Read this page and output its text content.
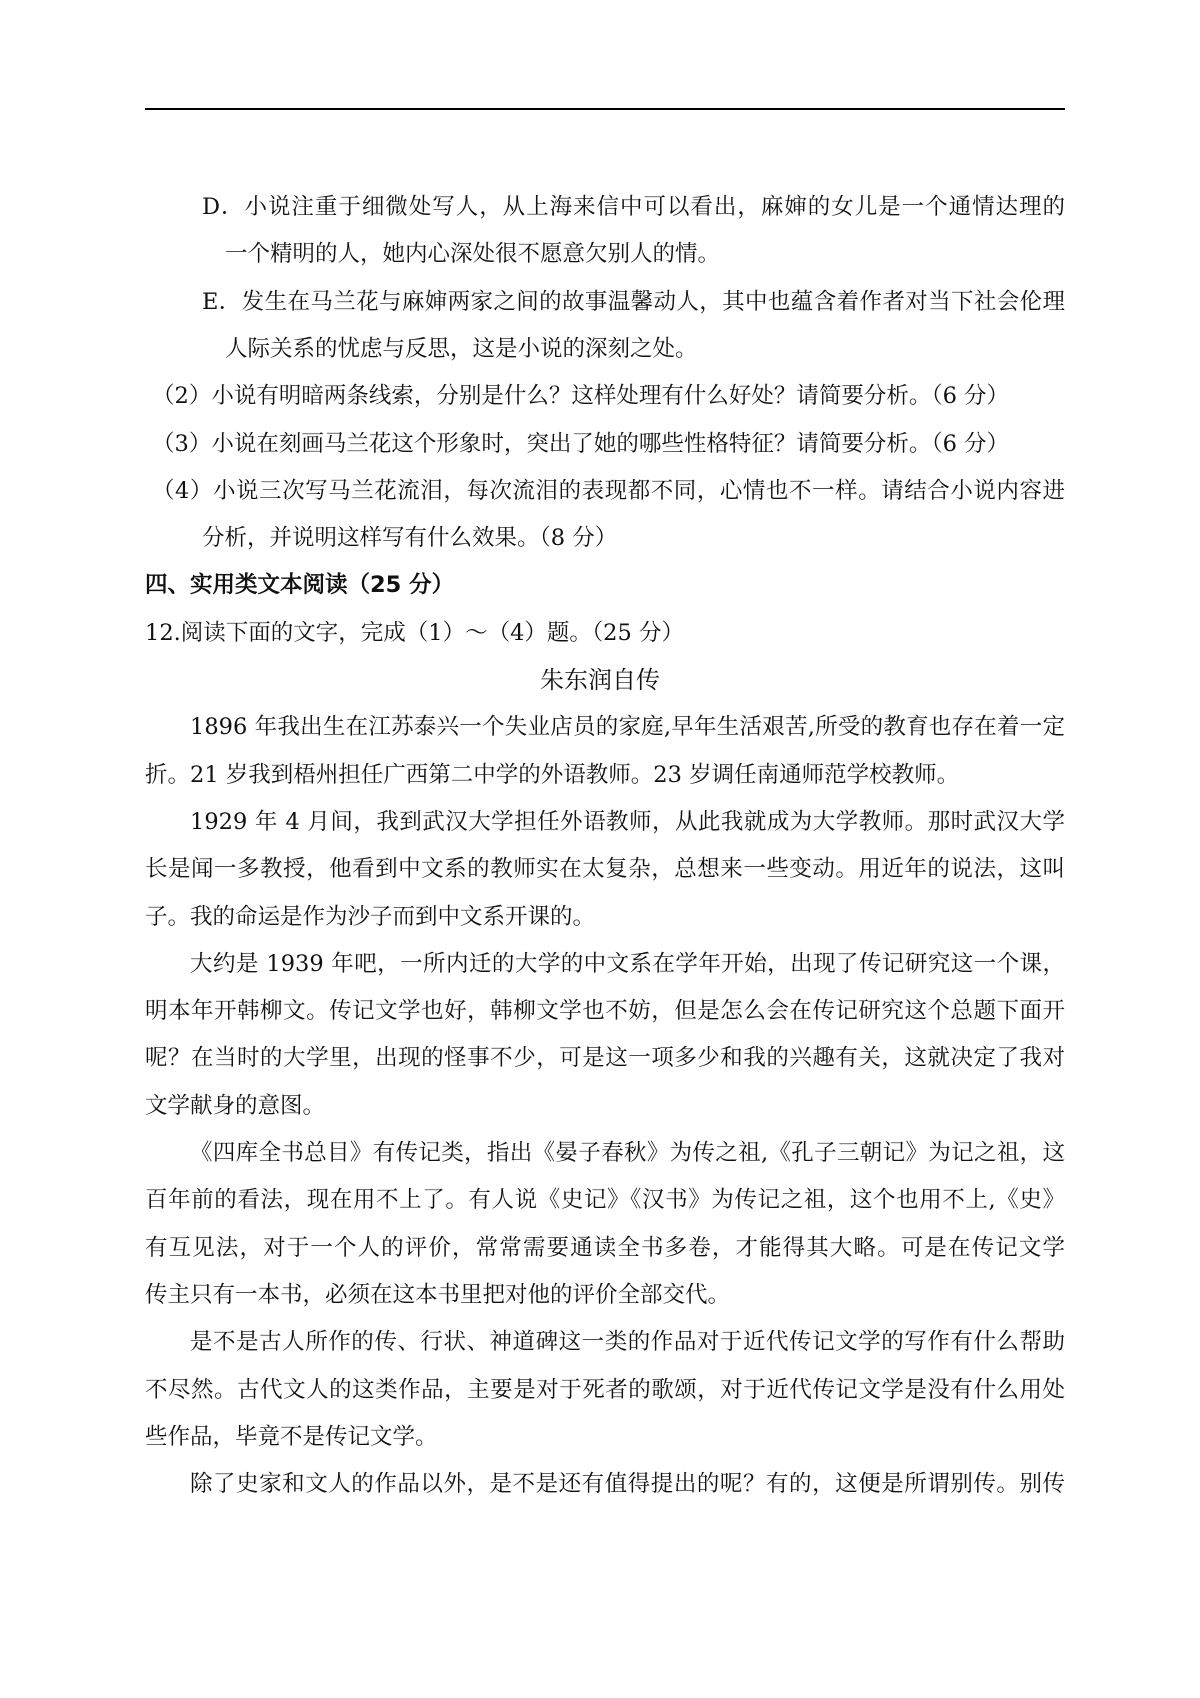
D．小说注重于细微处写人，从上海来信中可以看出，麻婶的女儿是一个通情达理的
一个精明的人，她内心深处很不愿意欠别人的情。
E．发生在马兰花与麻婶两家之间的故事温馨动人，其中也蕴含着作者对当下社会伦理
人际关系的忧虑与反思，这是小说的深刻之处。
（2）小说有明暗两条线索，分别是什么？这样处理有什么好处？请简要分析。（6 分）
（3）小说在刻画马兰花这个形象时，突出了她的哪些性格特征？请简要分析。（6 分）
（4）小说三次写马兰花流泪，每次流泪的表现都不同，心情也不一样。请结合小说内容进
分析，并说明这样写有什么效果。（8 分）
四、实用类文本阅读（25 分）
12.阅读下面的文字，完成（1）～（4）题。（25 分）
朱东润自传
1896 年我出生在江苏泰兴一个失业店员的家庭,早年生活艰苦,所受的教育也存在着一定
折。21 岁我到梧州担任广西第二中学的外语教师。23 岁调任南通师范学校教师。
1929 年 4 月间，我到武汉大学担任外语教师，从此我就成为大学教师。那时武汉大学
长是闻一多教授，他看到中文系的教师实在太复杂，总想来一些变动。用近年的说法，这叫
子。我的命运是作为沙子而到中文系开课的。
大约是 1939 年吧，一所内迁的大学的中文系在学年开始，出现了传记研究这一个课，
明本年开韩柳文。传记文学也好，韩柳文学也不妨，但是怎么会在传记研究这个总题下面开
呢？在当时的大学里，出现的怪事不少，可是这一项多少和我的兴趣有关，这就决定了我对
文学献身的意图。
《四库全书总目》有传记类，指出《晏子春秋》为传之祖,《孔子三朝记》为记之祖，这
百年前的看法，现在用不上了。有人说《史记》《汉书》为传记之祖，这个也用不上,《史》
有互见法，对于一个人的评价，常常需要通读全书多卷，才能得其大略。可是在传记文学
传主只有一本书，必须在这本书里把对他的评价全部交代。
是不是古人所作的传、行状、神道碑这一类的作品对于近代传记文学的写作有什么帮助
不尽然。古代文人的这类作品，主要是对于死者的歌颂，对于近代传记文学是没有什么用处
些作品，毕竟不是传记文学。
除了史家和文人的作品以外，是不是还有值得提出的呢？有的，这便是所谓别传。别传
